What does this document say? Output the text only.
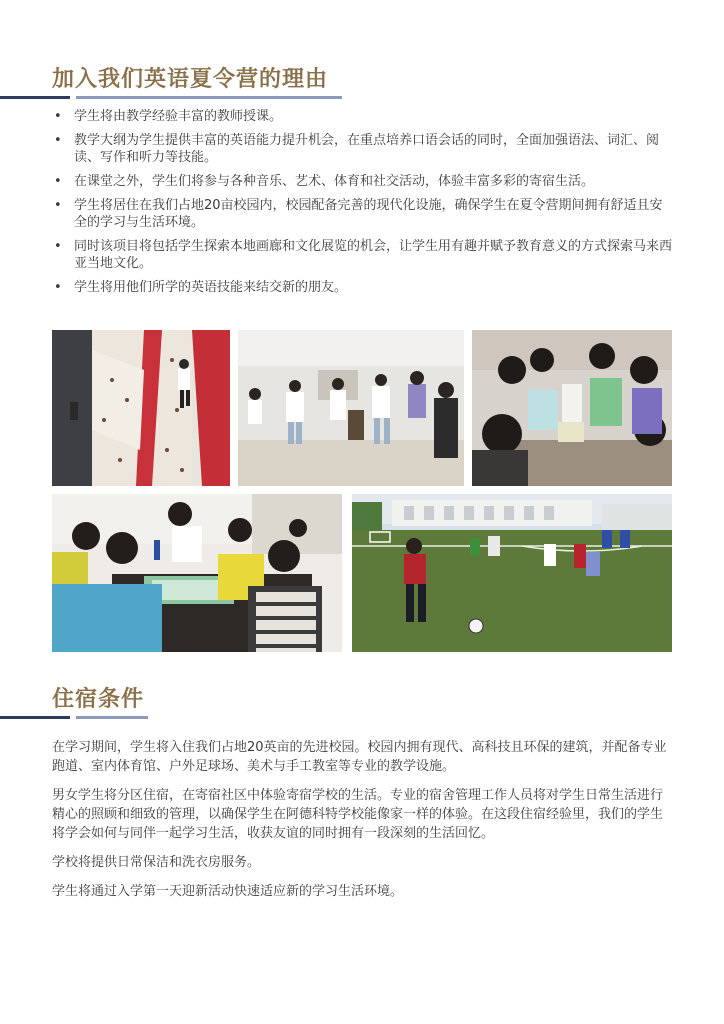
加入我们英语夏令营的理由
• 学生将由教学经验丰富的教师授课。
• 教学大纲为学生提供丰富的英语能力提升机会，在重点培养口语会话的同时，全面加强语法、词汇、阅读、写作和听力等技能。
• 在课堂之外，学生们将参与各种音乐、艺术、体育和社交活动，体验丰富多彩的寄宿生活。
• 学生将居住在我们占地20亩校园内，校园配备完善的现代化设施，确保学生在夏令营期间拥有舒适且安全的学习与生活环境。
• 同时该项目将包括学生探索本地画廊和文化展览的机会，让学生用有趣并赋予教育意义的方式探索马来西亚当地文化。
• 学生将用他们所学的英语技能来结交新的朋友。
住宿条件

在学习期间，学生将入住我们占地20英亩的先进校园。校园内拥有现代、高科技且环保的建筑，并配备专业跑道、室内体育馆、户外足球场、美术与手工教室等专业的教学设施。

男女学生将分区住宿，在寄宿社区中体验寄宿学校的生活。专业的宿舍管理工作人员将对学生日常生活进行精心的照顾和细致的管理，以确保学生在阿德科特学校能像家一样的体验。在这段住宿经验里，我们的学生将学会如何与同伴一起学习生活，收获友谊的同时拥有一段深刻的生活回忆。

学校将提供日常保洁和洗衣房服务。

学生将通过入学第一天迎新活动快速适应新的学习生活环境。
